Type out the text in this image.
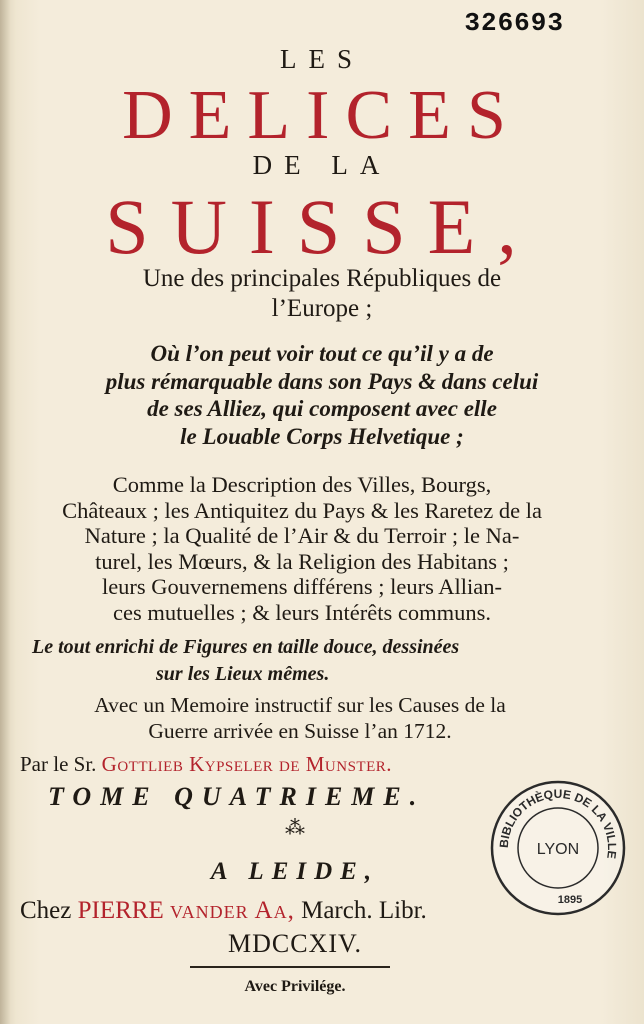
326693
LES
DELICES
DE LA
SUISSE,
Une des principales Républiques de
l’Europe ;
Où l’on peut voir tout ce qu’il y a de
plus rémarquable dans son Pays & dans celui
de ses Alliez, qui composent avec elle
le Louable Corps Helvetique ;
Comme la Description des Villes, Bourgs,
Châteaux ; les Antiquitez du Pays & les Raretez de la
Nature ; la Qualité de l’Air & du Terroir ; le Na-
turel, les Mœurs, & la Religion des Habitans ;
leurs Gouvernemens différens ; leurs Allian-
ces mutuelles ; & leurs Intérêts communs.
Le tout enrichi de Figures en taille douce, dessinées
sur les Lieux mêmes.
Avec un Memoire instructif sur les Causes de la
Guerre arrivée en Suisse l’an 1712.
Par le Sr. Gottlieb Kypseler de Munster.
TOME QUATRIEME.
⁂
A LEIDE,
Chez PIERRE vander Aa, March. Libr.
MDCCXIV.
Avec Privilége.
BIBLIOTHÈQUE DE LA VILLE
LYON
1895
